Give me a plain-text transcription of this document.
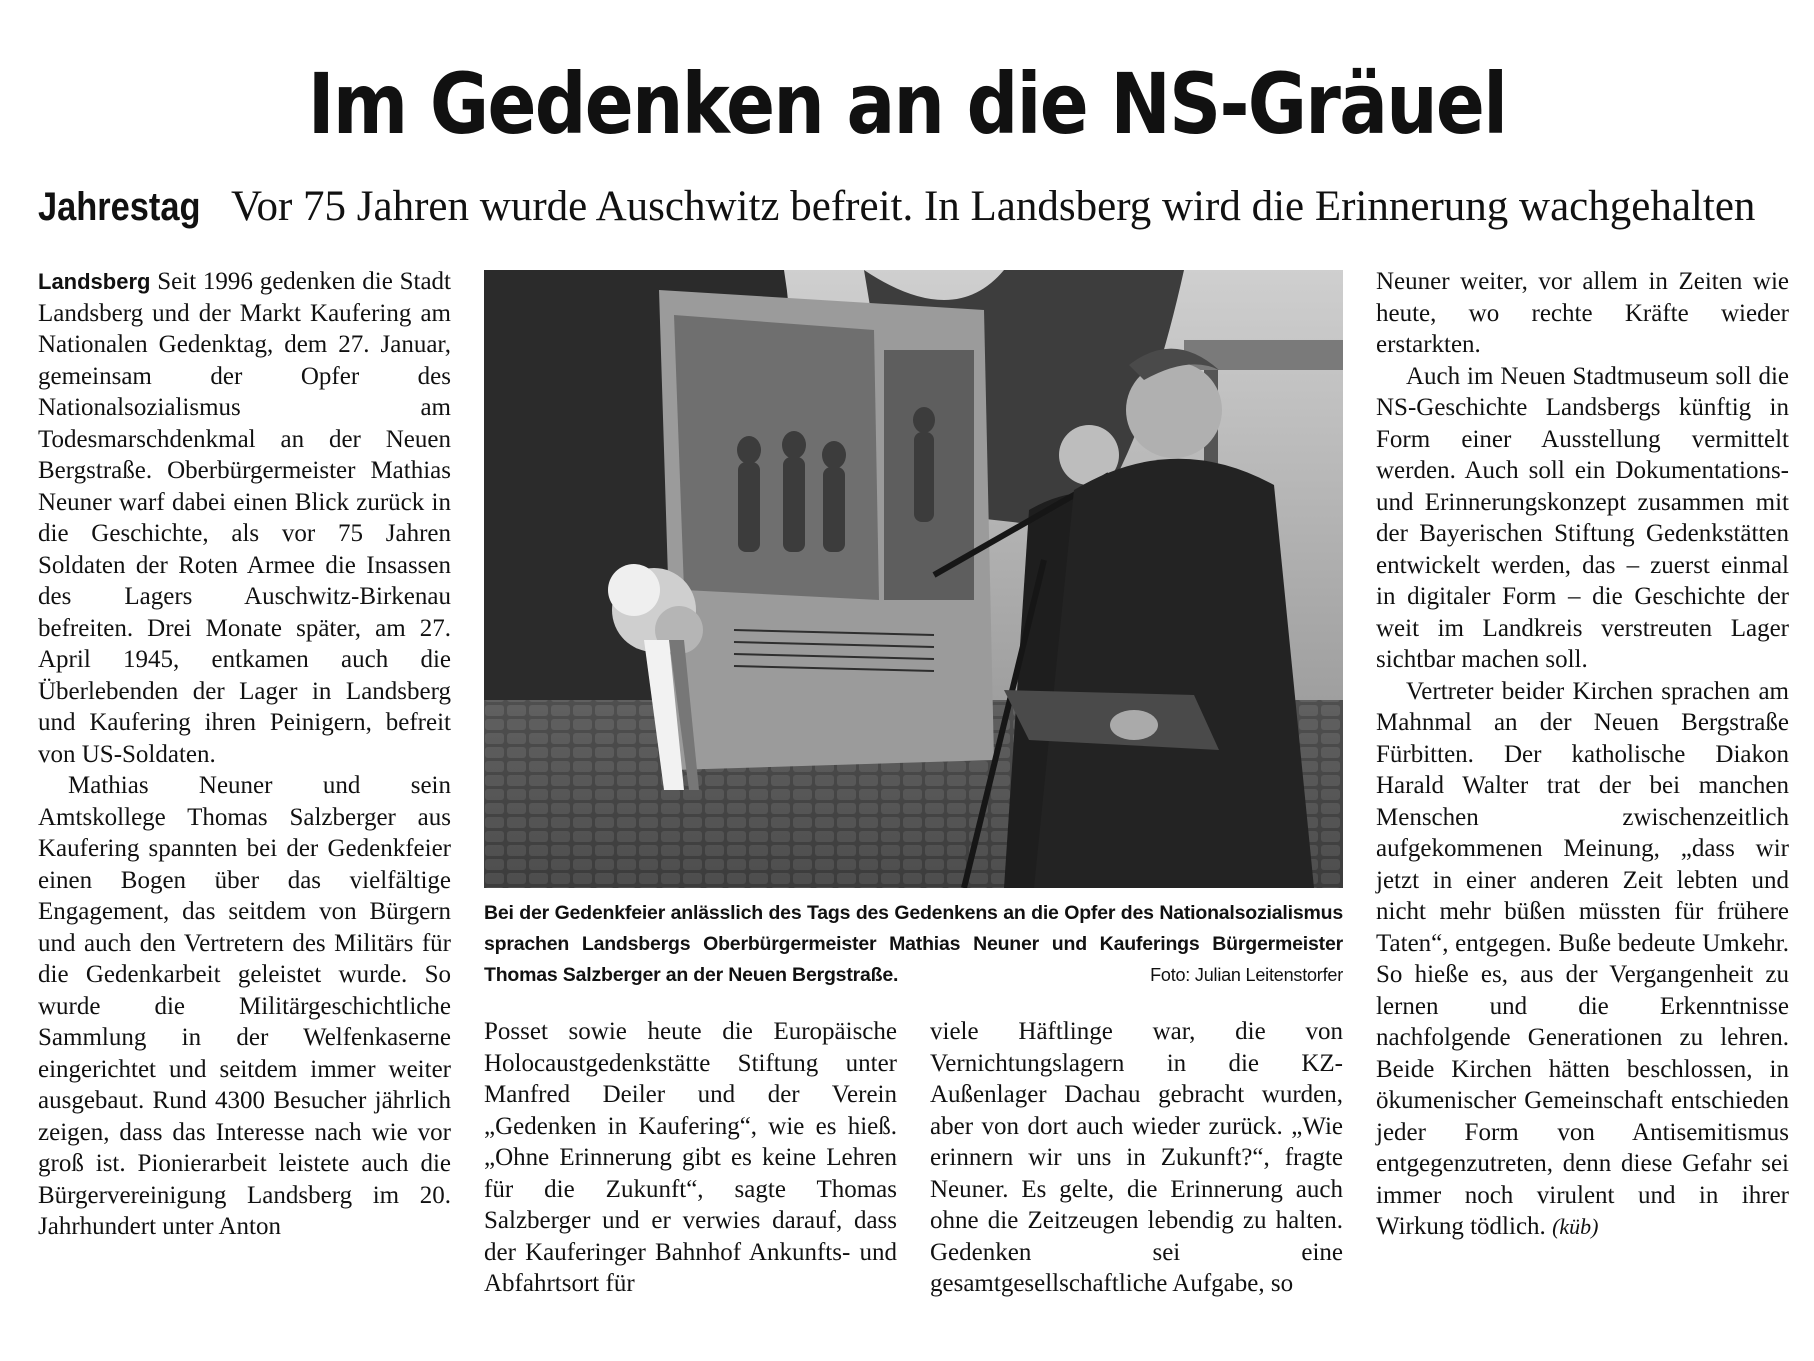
Im Gedenken an die NS-Gräuel
Jahrestag Vor 75 Jahren wurde Auschwitz befreit. In Landsberg wird die Erinnerung wachgehalten

Landsberg Seit 1996 gedenken die Stadt Landsberg und der Markt Kaufering am Nationalen Gedenktag, dem 27. Januar, gemeinsam der Opfer des Nationalsozialismus am Todesmarschdenkmal an der Neuen Bergstraße. Oberbürgermeister Mathias Neuner warf dabei einen Blick zurück in die Geschichte, als vor 75 Jahren Soldaten der Roten Armee die Insassen des Lagers Auschwitz-Birkenau befreiten. Drei Monate später, am 27. April 1945, entkamen auch die Überlebenden der Lager in Landsberg und Kaufering ihren Peinigern, befreit von US-Soldaten.

Mathias Neuner und sein Amtskollege Thomas Salzberger aus Kaufering spannten bei der Gedenkfeier einen Bogen über das vielfältige Engagement, das seitdem von Bürgern und auch den Vertretern des Militärs für die Gedenkarbeit geleistet wurde. So wurde die Militärgeschichtliche Sammlung in der Welfenkaserne eingerichtet und seitdem immer weiter ausgebaut. Rund 4300 Besucher jährlich zeigen, dass das Interesse nach wie vor groß ist. Pionierarbeit leistete auch die Bürgervereinigung Landsberg im 20. Jahrhundert unter Anton

Bei der Gedenkfeier anlässlich des Tags des Gedenkens an die Opfer des Nationalsozialismus sprachen Landsbergs Oberbürgermeister Mathias Neuner und Kauferings Bürgermeister Thomas Salzberger an der Neuen Bergstraße.	Foto: Julian Leitenstorfer

Posset sowie heute die Europäische Holocaustgedenkstätte Stiftung unter Manfred Deiler und der Verein „Gedenken in Kaufering“, wie es hieß. „Ohne Erinnerung gibt es keine Lehren für die Zukunft“, sagte Thomas Salzberger und er verwies darauf, dass der Kauferinger Bahnhof Ankunfts- und Abfahrtsort für

viele Häftlinge war, die von Vernichtungslagern in die KZ-Außenlager Dachau gebracht wurden, aber von dort auch wieder zurück. „Wie erinnern wir uns in Zukunft?“, fragte Neuner. Es gelte, die Erinnerung auch ohne die Zeitzeugen lebendig zu halten. Gedenken sei eine gesamtgesellschaftliche Aufgabe, so

Neuner weiter, vor allem in Zeiten wie heute, wo rechte Kräfte wieder erstarkten.

Auch im Neuen Stadtmuseum soll die NS-Geschichte Landsbergs künftig in Form einer Ausstellung vermittelt werden. Auch soll ein Dokumentations- und Erinnerungskonzept zusammen mit der Bayerischen Stiftung Gedenkstätten entwickelt werden, das – zuerst einmal in digitaler Form – die Geschichte der weit im Landkreis verstreuten Lager sichtbar machen soll.

Vertreter beider Kirchen sprachen am Mahnmal an der Neuen Bergstraße Fürbitten. Der katholische Diakon Harald Walter trat der bei manchen Menschen zwischenzeitlich aufgekommenen Meinung, „dass wir jetzt in einer anderen Zeit lebten und nicht mehr büßen müssten für frühere Taten“, entgegen. Buße bedeute Umkehr. So hieße es, aus der Vergangenheit zu lernen und die Erkenntnisse nachfolgende Generationen zu lehren. Beide Kirchen hätten beschlossen, in ökumenischer Gemeinschaft entschieden jeder Form von Antisemitismus entgegenzutreten, denn diese Gefahr sei immer noch virulent und in ihrer Wirkung tödlich. (küb)
